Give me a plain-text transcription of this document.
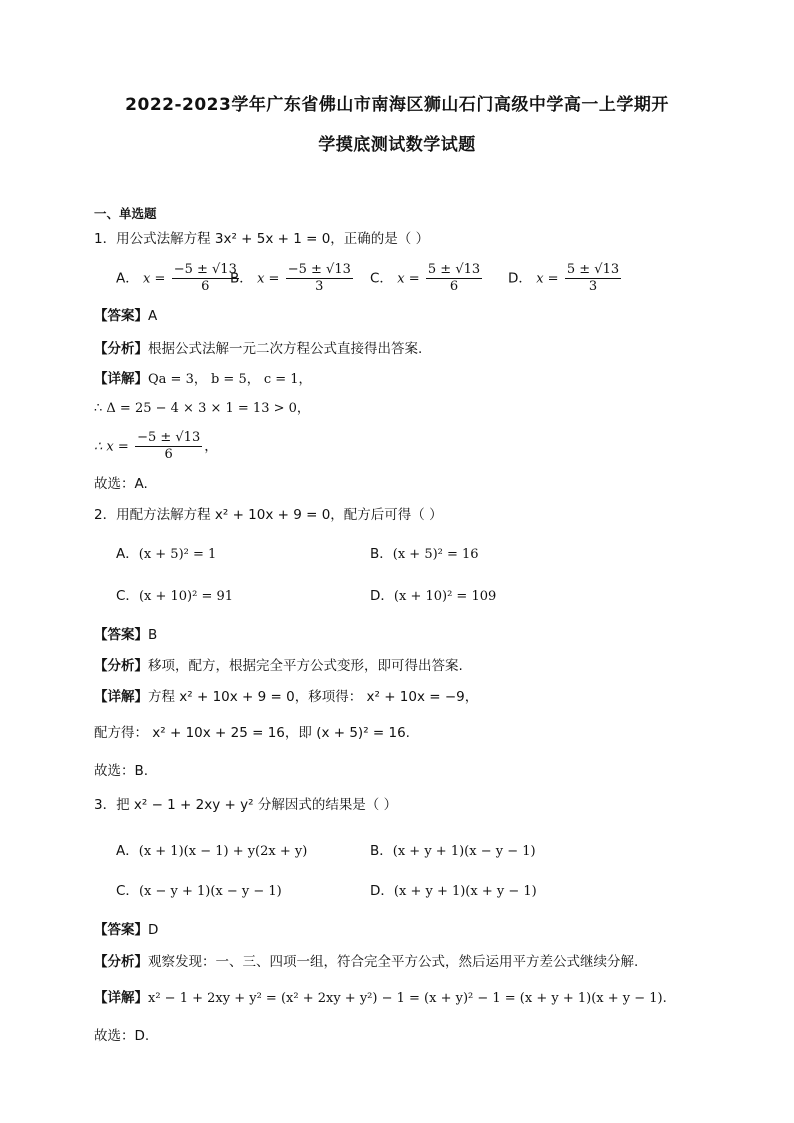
2022-2023学年广东省佛山市南海区狮山石门高级中学高一上学期开
学摸底测试数学试题
一、单选题
1．用公式法解方程 3x² + 5x + 1 = 0，正确的是（ ）
A． $x = \frac{-5 \pm √13}{6}$
B． $x = \frac{-5 \pm √13}{3}$ C． $x = \frac{5 \pm √13}{6}$ D． $x = \frac{5 \pm √13}{3}$
【答案】A
【分析】根据公式法解一元二次方程公式直接得出答案.
【详解】Qa = 3， b = 5， c = 1，
∴ Δ = 25 − 4 × 3 × 1 = 13 > 0，
∴ $x = \frac{-5 \pm √13}{6}$ ，
故选：A.
2．用配方法解方程 x² + 10x + 9 = 0，配方后可得（ ）
A．(x + 5)² = 1	B．(x + 5)² = 16
C．(x + 10)² = 91	D．(x + 10)² = 109
【答案】B
【分析】移项，配方，根据完全平方公式变形，即可得出答案.
【详解】方程 x² + 10x + 9 = 0，移项得： x² + 10x = −9，
配方得： x² + 10x + 25 = 16，即 (x + 5)² = 16.
故选：B.
3．把 x² − 1 + 2xy + y² 分解因式的结果是（ ）
A．(x + 1)(x − 1) + y(2x + y)	B．(x + y + 1)(x − y − 1)
C．(x − y + 1)(x − y − 1)	D．(x + y + 1)(x + y − 1)
【答案】D
【分析】观察发现：一、三、四项一组，符合完全平方公式，然后运用平方差公式继续分解.
【详解】x² − 1 + 2xy + y² = (x² + 2xy + y²) − 1 = (x + y)² − 1 = (x + y + 1)(x + y − 1).
故选：D.
